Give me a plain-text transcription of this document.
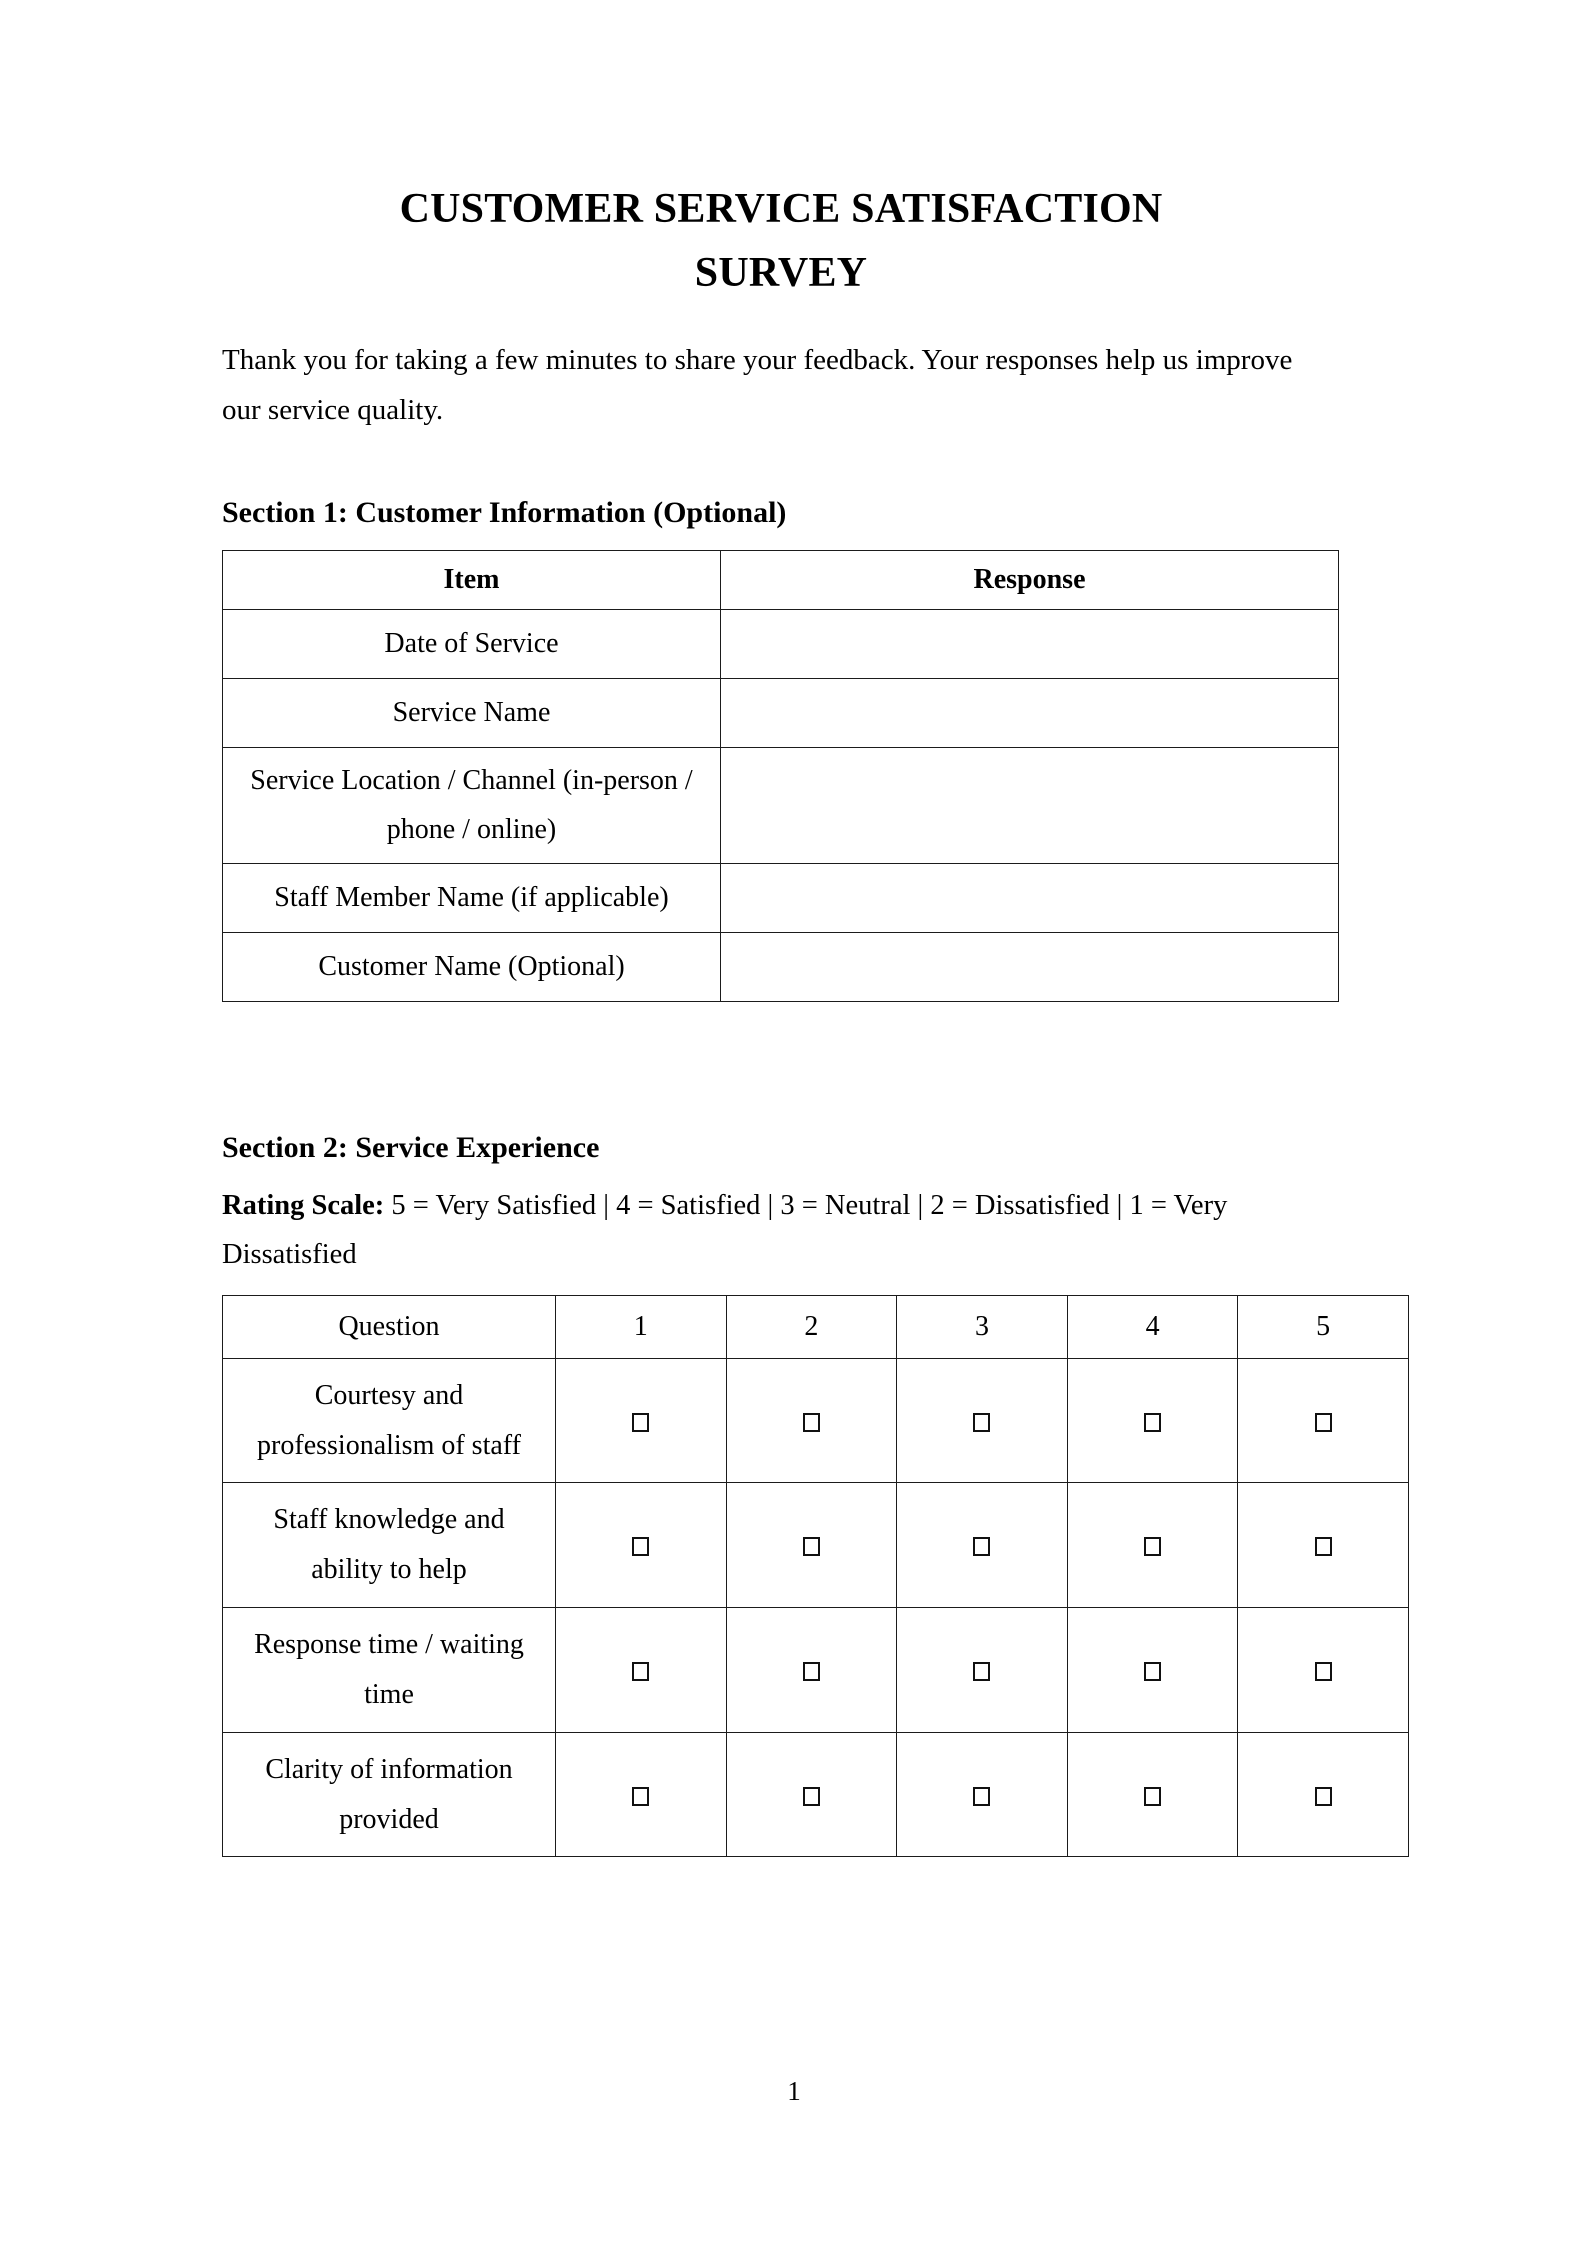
CUSTOMER SERVICE SATISFACTION
SURVEY

Thank you for taking a few minutes to share your feedback. Your responses help us improve our service quality.

Section 1: Customer Information (Optional)
Item	Response
Date of Service	
Service Name	
Service Location / Channel (in-person / phone / online)	
Staff Member Name (if applicable)	
Customer Name (Optional)	
Section 2: Service Experience

Rating Scale: 5 = Very Satisfied | 4 = Satisfied | 3 = Neutral | 2 = Dissatisfied | 1 = Very Dissatisfied

Question	1	2	3	4	5
Courtesy and professionalism of staff					
Staff knowledge and ability to help					
Response time / waiting time					
Clarity of information provided					
1
